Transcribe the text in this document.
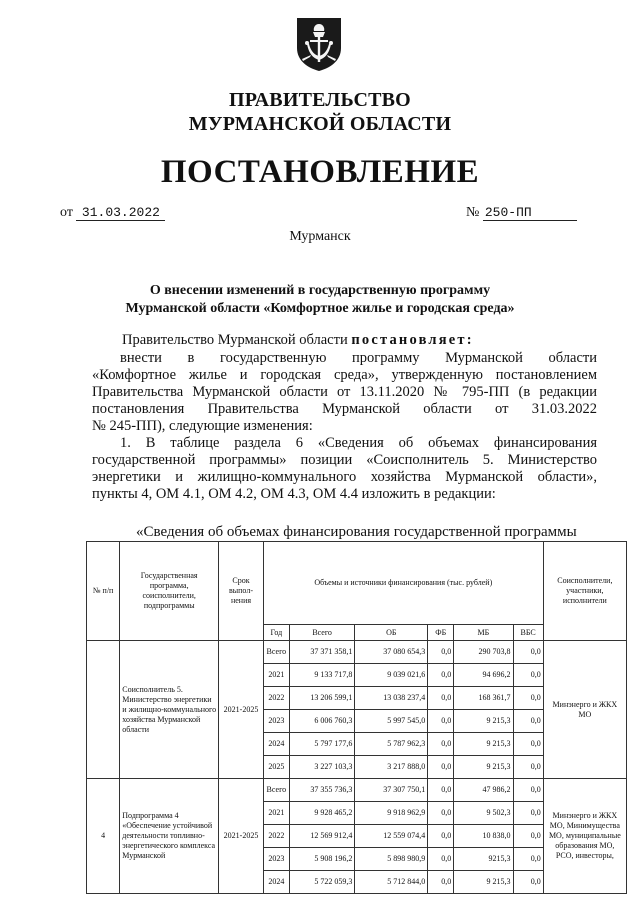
ПРАВИТЕЛЬСТВО
МУРМАНСКОЙ ОБЛАСТИ
ПОСТАНОВЛЕНИЕ
от 31.03.2022	№ 250-ПП
Мурманск
О внесении изменений в государственную программу
Мурманской области «Комфортное жилье и городская среда»
Правительство Мурманской области постановляет:
внести в государственную программу Мурманской области
«Комфортное жилье и городская среда», утвержденную постановлением
Правительства Мурманской области от 13.11.2020 № 795-ПП (в редакции
постановления Правительства Мурманской области от 31.03.2022
№ 245-ПП), следующие изменения:
1. В таблице раздела 6 «Сведения об объемах финансирования
государственной программы» позиции «Соисполнитель 5. Министерство
энергетики и жилищно-коммунального хозяйства Мурманской области»,
пункты 4, ОМ 4.1, ОМ 4.2, ОМ 4.3, ОМ 4.4 изложить в редакции:
«Сведения об объемах финансирования государственной программы
№ п/п	Государственная программа, соисполнители, подпрограммы	Срок выпол-нения	Объемы и источники финансирования (тыс. рублей)						Соисполнители, участники, исполнители
			Год	Всего	ОБ	ФБ	МБ	ВБС	
	Соисполнитель 5. Министерство энергетики и жилищно-коммунального хозяйства Мурманской области	2021-2025	Всего	37 371 358,1	37 080 654,3	0,0	290 703,8	0,0	Минэнерго и ЖКХ МО
			2021	9 133 717,8	9 039 021,6	0,0	94 696,2	0,0	
			2022	13 206 599,1	13 038 237,4	0,0	168 361,7	0,0	
			2023	6 006 760,3	5 997 545,0	0,0	9 215,3	0,0	
			2024	5 797 177,6	5 787 962,3	0,0	9 215,3	0,0	
			2025	3 227 103,3	3 217 888,0	0,0	9 215,3	0,0	
4	Подпрограмма 4 «Обеспечение устойчивой деятельности топливно-энергетического комплекса Мурманской	2021-2025	Всего	37 355 736,3	37 307 750,1	0,0	47 986,2	0,0	Минэнерго и ЖКХ МО, Минимущества МО, муниципальные образования МО, РСО, инвесторы,
			2021	9 928 465,2	9 918 962,9	0,0	9 502,3	0,0	
			2022	12 569 912,4	12 559 074,4	0,0	10 838,0	0,0	
			2023	5 908 196,2	5 898 980,9	0,0	9215,3	0,0	
			2024	5 722 059,3	5 712 844,0	0,0	9 215,3	0,0	
